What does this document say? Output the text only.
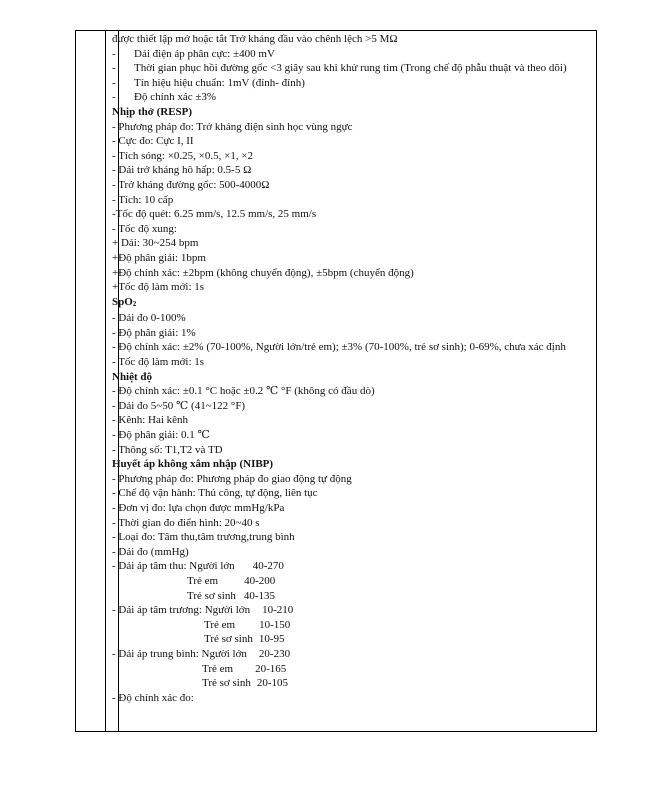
được thiết lập mở hoặc tắt Trở kháng đầu vào chênh lệch >5 MΩ
-	Dải điện áp phân cực: ±400 mV
-	Thời gian phục hồi đường gốc <3 giây sau khi khử rung tim (Trong chế độ phẫu thuật và theo dõi)
-	Tín hiệu hiệu chuẩn: 1mV (đỉnh- đỉnh)
-	Độ chính xác ±3%
Nhịp thở (RESP)
- Phương pháp đo: Trở kháng điện sinh học vùng ngực
- Cực đo: Cực I, II
- Tích sóng: ×0.25, ×0.5, ×1, ×2
- Dải trở kháng hô hấp: 0.5-5 Ω
- Trở kháng đường gốc: 500-4000Ω
- Tích: 10 cấp
-Tốc độ quét: 6.25 mm/s, 12.5 mm/s, 25 mm/s
- Tốc độ xung:
+ Dải: 30~254 bpm
+Độ phân giải: 1bpm
+Độ chính xác: ±2bpm (không chuyển động), ±5bpm (chuyển động)
+Tốc độ làm mới: 1s
SpO2
- Dải đo 0-100%
- Độ phân giải: 1%
- Độ chính xác: ±2% (70-100%, Người lớn/trẻ em); ±3% (70-100%, trẻ sơ sinh); 0-69%, chưa xác định
- Tốc độ làm mới: 1s
Nhiệt độ
- Độ chính xác: ±0.1 °C hoặc ±0.2 ℃ °F (không có đầu dò)
- Dải đo 5~50 ℃ (41~122 °F)
- Kênh: Hai kênh
- Độ phân giải: 0.1 ℃
- Thông số: T1,T2 và TD
Huyết áp không xâm nhập (NIBP)
- Phương pháp đo: Phương pháp đo giao động tự động
- Chế độ vận hành: Thủ công, tự động, liên tục
- Đơn vị đo: lựa chọn được mmHg/kPa
- Thời gian đo điển hình: 20~40 s
- Loại đo: Tâm thu,tâm trương,trung bình
- Dải đo (mmHg)
- Dải áp tâm thu: Người lớn 40-270
Trẻ em 40-200
Trẻ sơ sinh 40-135
- Dải áp tâm trương: Người lớn 10-210
Trẻ em 10-150
Trẻ sơ sinh 10-95
- Dải áp trung bình: Người lớn 20-230
Trẻ em 20-165
Trẻ sơ sinh 20-105
- Độ chính xác đo:
